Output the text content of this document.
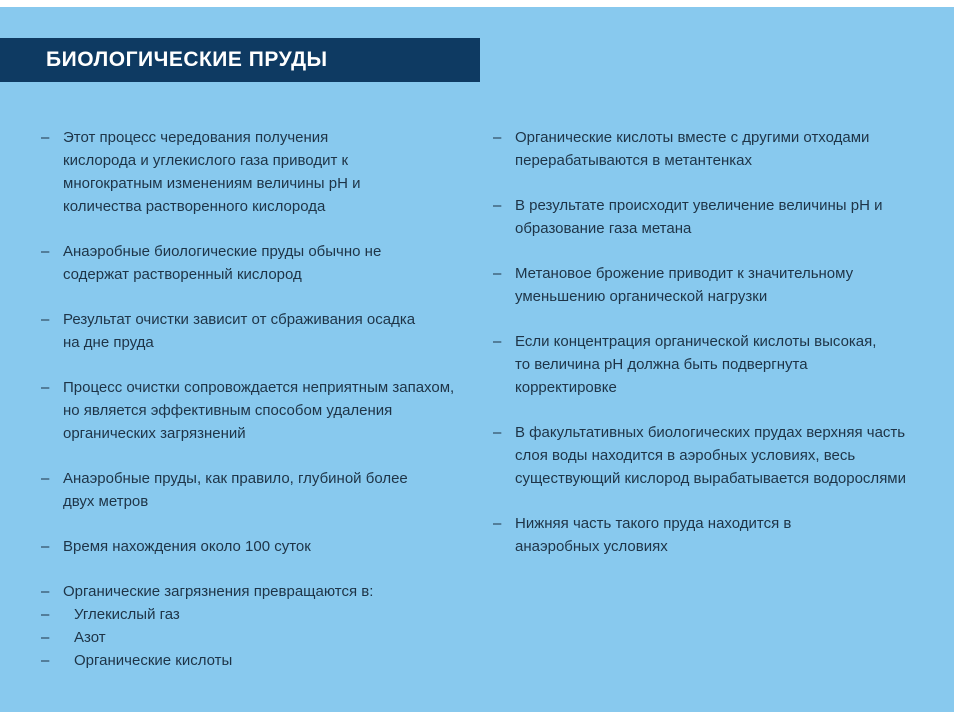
БИОЛОГИЧЕСКИЕ ПРУДЫ
– Этот процесс чередования получения кислорода и углекислого газа приводит к многократным изменениям величины рН и количества растворенного кислорода
– Анаэробные биологические пруды обычно не содержат растворенный кислород
– Результат очистки зависит от сбраживания осадка на дне пруда
– Процесс очистки сопровождается неприятным запахом, но является эффективным способом удаления органических загрязнений
– Анаэробные пруды, как правило, глубиной более двух метров
– Время нахождения около 100 суток
– Органические загрязнения превращаются в:
– Углекислый газ
– Азот
– Органические кислоты
– Органические кислоты вместе с другими отходами перерабатываются в метантенках
– В результате происходит увеличение величины рН и образование газа метана
– Метановое брожение приводит к значительному уменьшению органической нагрузки
– Если концентрация органической кислоты высокая, то величина рН должна быть подвергнута корректировке
– В факультативных биологических прудах верхняя часть слоя воды находится в аэробных условиях, весь существующий кислород вырабатывается водорослями
– Нижняя часть такого пруда находится в анаэробных условиях
